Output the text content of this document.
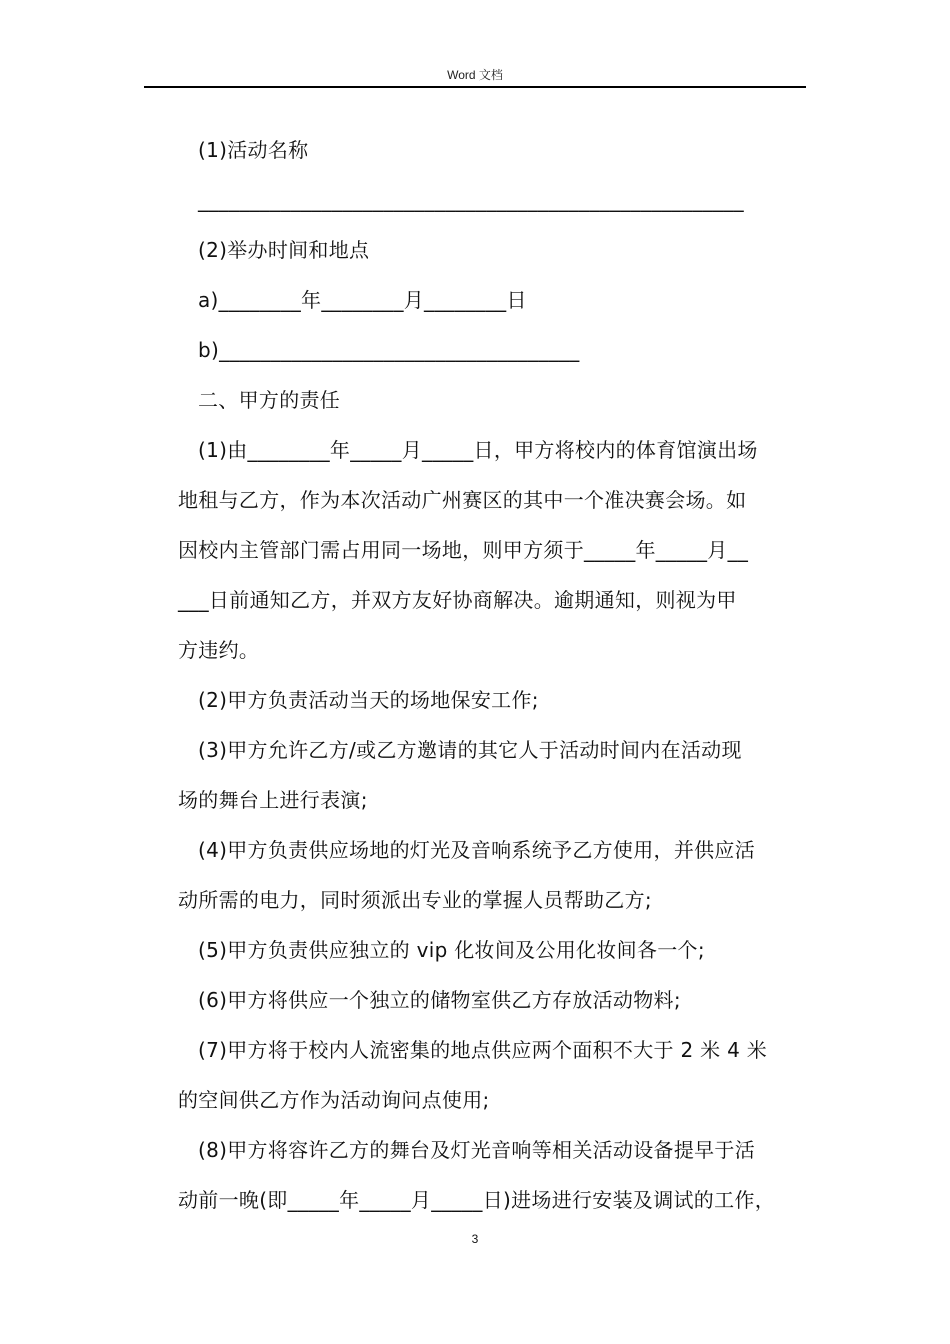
Word 文档
(1)活动名称
_____________________________________________________
(2)举办时间和地点
a)________年________月________日
b)___________________________________
二、甲方的责任
(1)由________年_____月_____日，甲方将校内的体育馆演出场
地租与乙方，作为本次活动广州赛区的其中一个准决赛会场。如
因校内主管部门需占用同一场地，则甲方须于_____年_____月__
___日前通知乙方，并双方友好协商解决。逾期通知，则视为甲
方违约。
(2)甲方负责活动当天的场地保安工作;
(3)甲方允许乙方/或乙方邀请的其它人于活动时间内在活动现
场的舞台上进行表演;
(4)甲方负责供应场地的灯光及音响系统予乙方使用，并供应活
动所需的电力，同时须派出专业的掌握人员帮助乙方;
(5)甲方负责供应独立的 vip 化妆间及公用化妆间各一个;
(6)甲方将供应一个独立的储物室供乙方存放活动物料;
(7)甲方将于校内人流密集的地点供应两个面积不大于 2 米 4 米
的空间供乙方作为活动询问点使用;
(8)甲方将容许乙方的舞台及灯光音响等相关活动设备提早于活
动前一晚(即_____年_____月_____日)进场进行安装及调试的工作，
3
